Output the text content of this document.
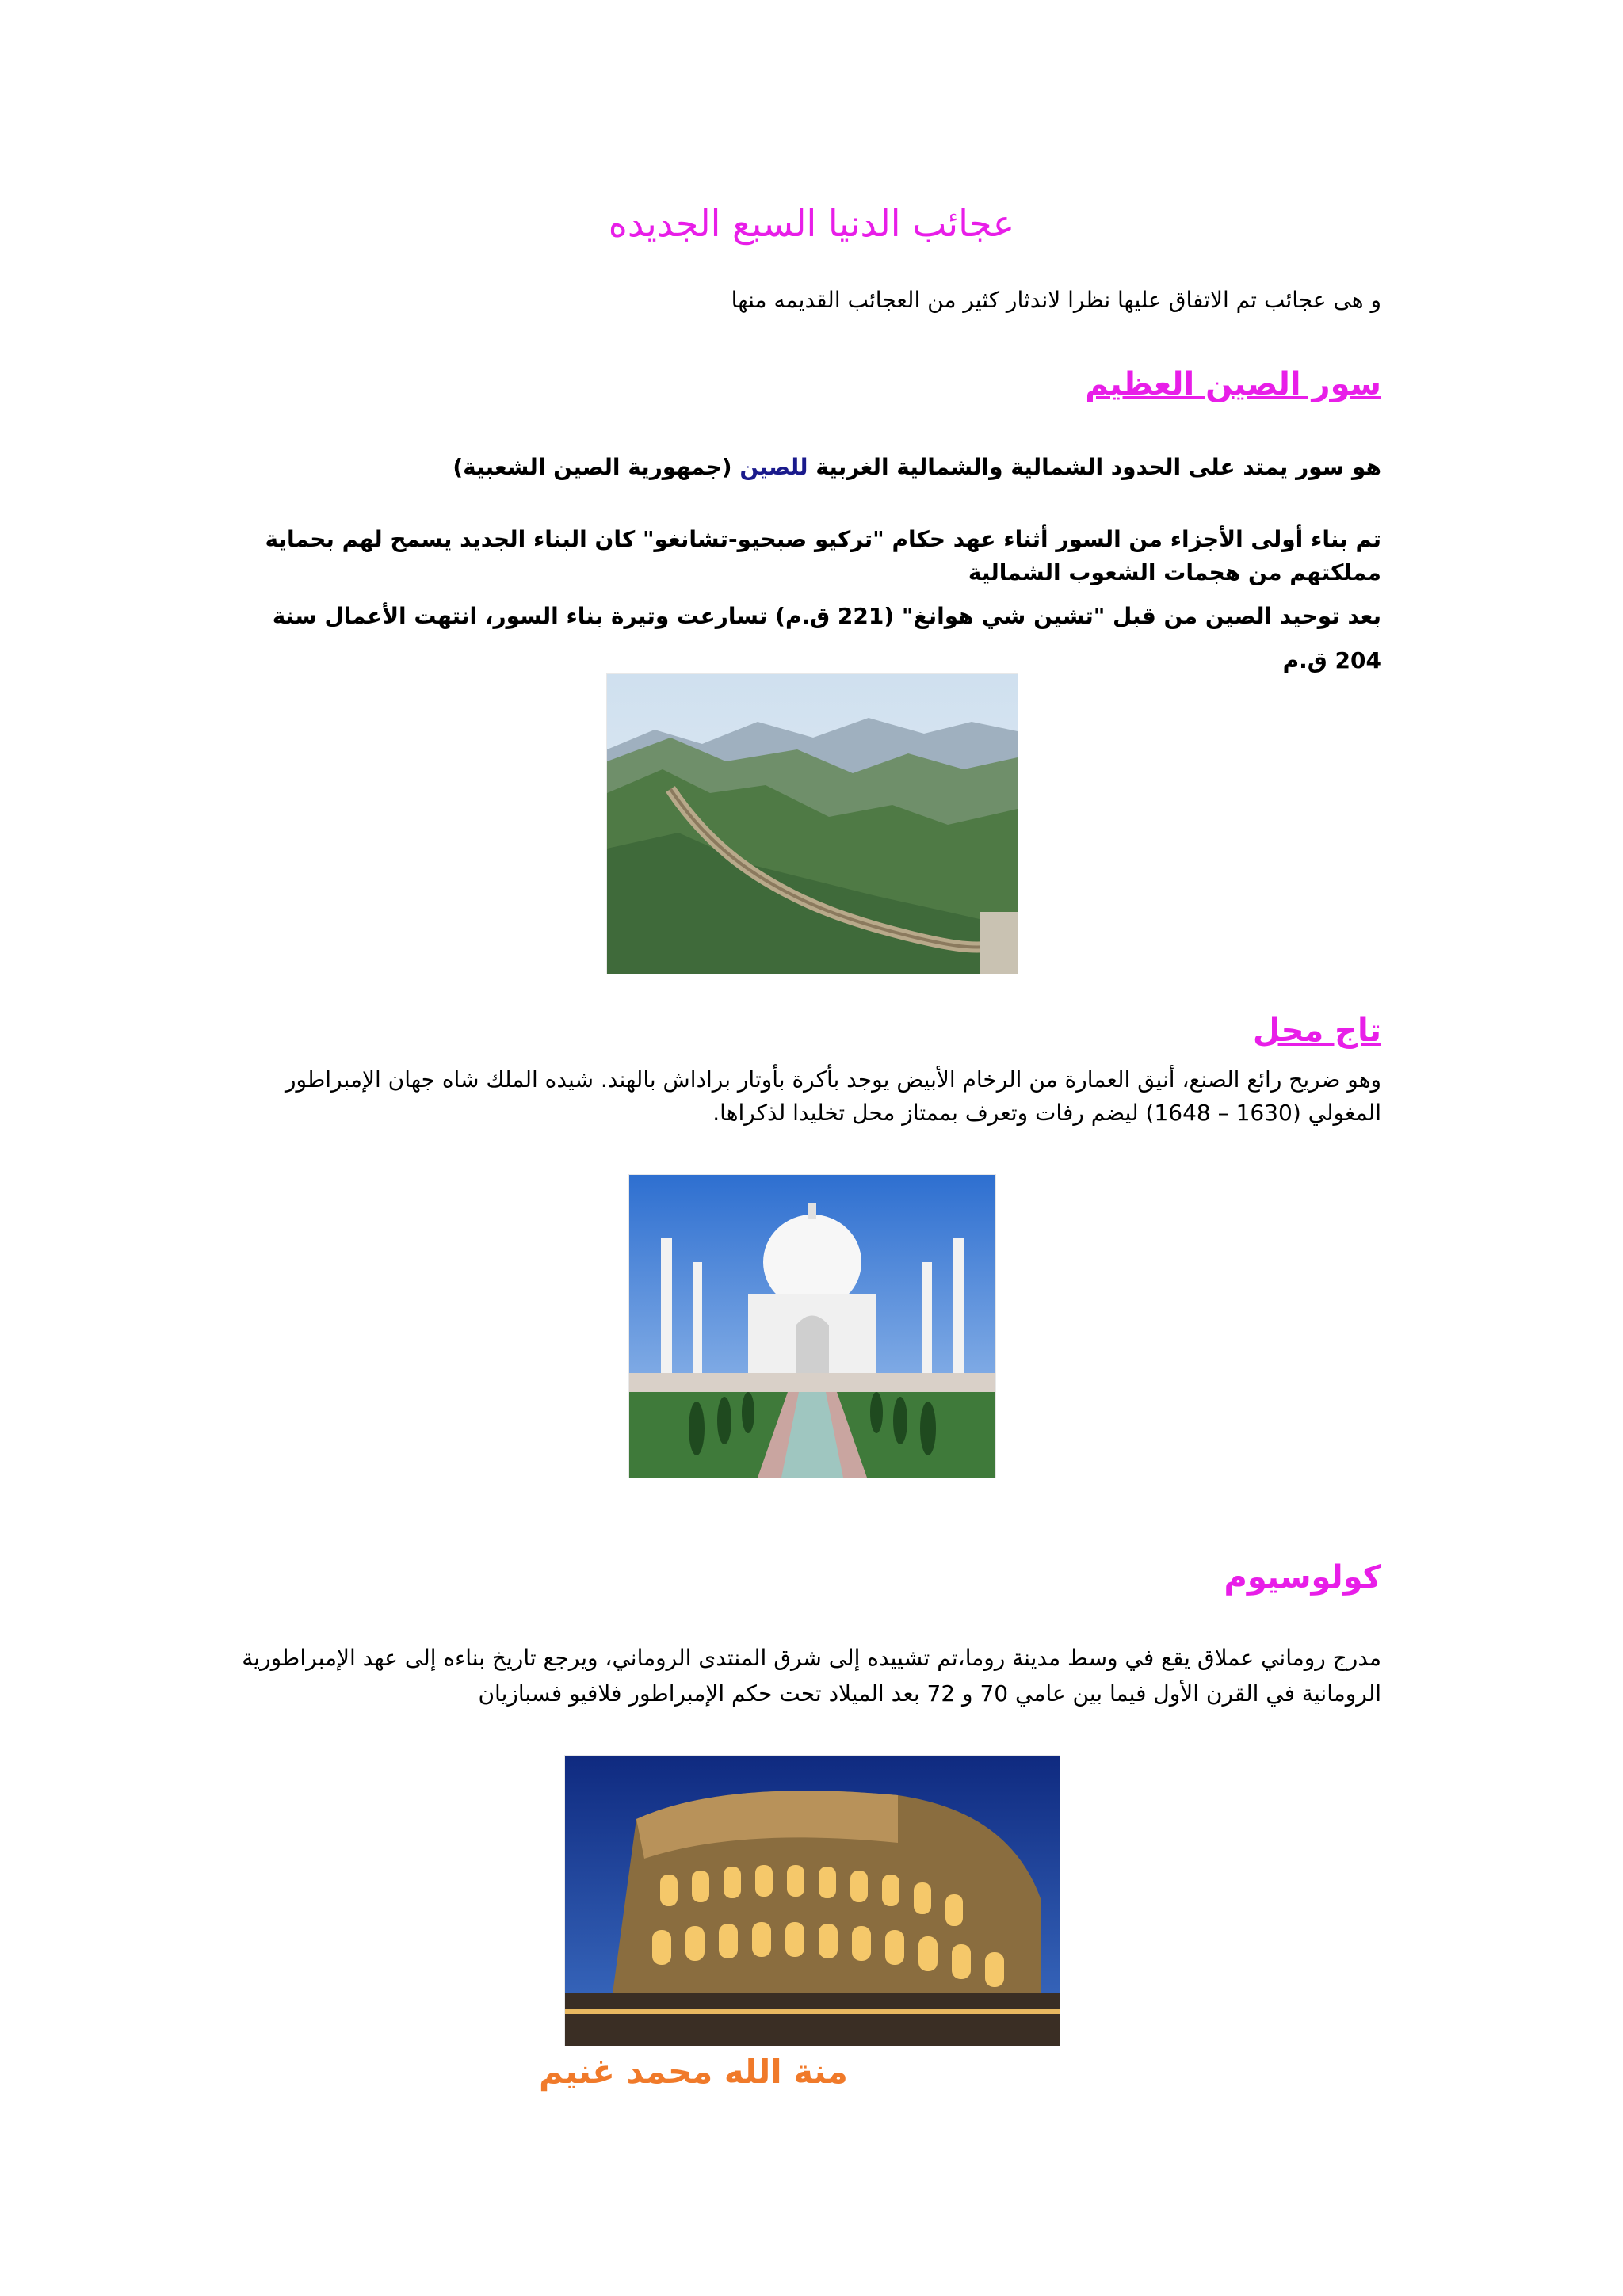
عجائب الدنيا السبع الجديده
و هى عجائب تم الاتفاق عليها نظرا لاندثار كثير من العجائب القديمه منها
سور الصين العظيم
هو سور يمتد على الحدود الشمالية والشمالية الغربية للصين (جمهورية الصين الشعبية)
تم بناء أولى الأجزاء من السور أثناء عهد حكام "تركيو صبحيو-تشانغو" كان البناء الجديد يسمح لهم بحماية مملكتهم من هجمات الشعوب الشمالية
بعد توحيد الصين من قبل "تشين شي هوانغ" (221 ق.م) تسارعت وتيرة بناء السور، انتهت الأعمال سنة 204 ق.م
تاج محل
وهو ضريح رائع الصنع، أنيق العمارة من الرخام الأبيض يوجد بأكرة بأوتار براداش بالهند. شيده الملك شاه جهان الإمبراطور المغولي (1630 – 1648) ليضم رفات وتعرف بممتاز محل تخليدا لذكراها.
كولوسيوم
مدرج روماني عملاق يقع في وسط مدينة روما،تم تشييده إلى شرق المنتدى الروماني، ويرجع تاريخ بناءه إلى عهد الإمبراطورية الرومانية في القرن الأول فيما بين عامي 70 و 72 بعد الميلاد تحت حكم الإمبراطور فلافيو فسبازيان
منة الله محمد غنيم
